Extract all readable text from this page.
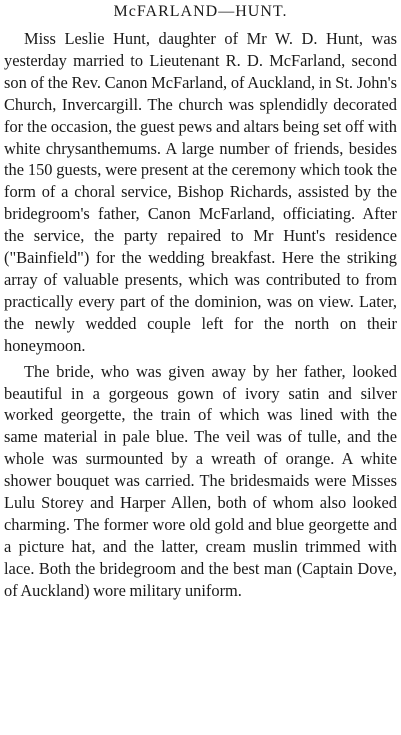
McFARLAND—HUNT.

Miss Leslie Hunt, daughter of Mr W. D. Hunt, was yesterday married to Lieutenant R. D. McFarland, second son of the Rev. Canon McFarland, of Auckland, in St. John's Church, Invercargill. The church was splendidly decorated for the occasion, the guest pews and altars being set off with white chrysanthemums. A large number of friends, besides the 150 guests, were present at the ceremony which took the form of a choral service, Bishop Richards, assisted by the bridegroom's father, Canon McFarland, officiating. After the service, the party repaired to Mr Hunt's residence ("Bainfield") for the wedding breakfast. Here the striking array of valuable presents, which was contributed to from practically every part of the dominion, was on view. Later, the newly wedded couple left for the north on their honeymoon.

The bride, who was given away by her father, looked beautiful in a gorgeous gown of ivory satin and silver worked georgette, the train of which was lined with the same material in pale blue. The veil was of tulle, and the whole was surmounted by a wreath of orange. A white shower bouquet was carried. The bridesmaids were Misses Lulu Storey and Harper Allen, both of whom also looked charming. The former wore old gold and blue georgette and a picture hat, and the latter, cream muslin trimmed with lace. Both the bridegroom and the best man (Captain Dove, of Auckland) wore military uniform.
